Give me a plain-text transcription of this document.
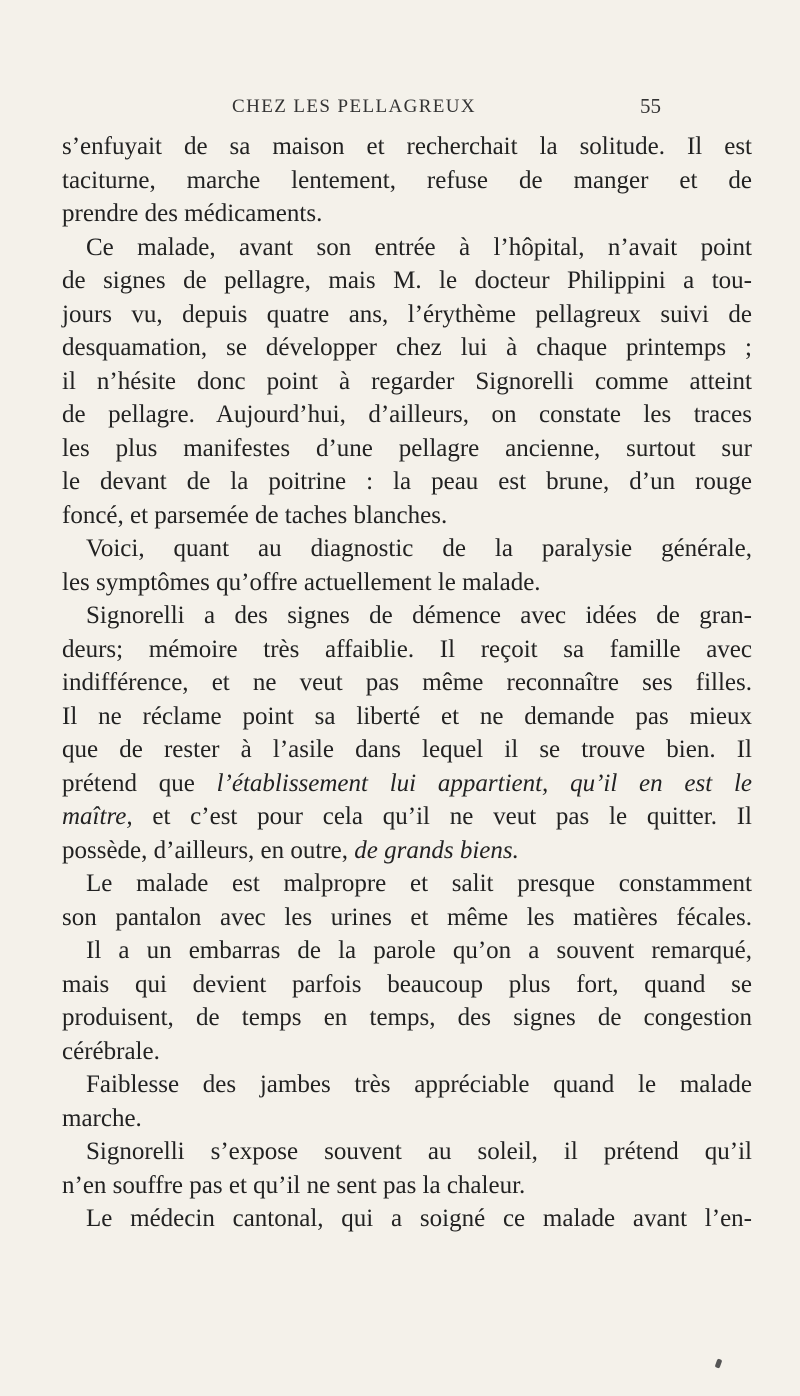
CHEZ LES PELLAGREUX	55
s’enfuyait de sa maison et recherchait la solitude. Il est
taciturne, marche lentement, refuse de manger et de
prendre des médicaments.
Ce malade, avant son entrée à l’hôpital, n’avait point
de signes de pellagre, mais M. le docteur Philippini a tou-
jours vu, depuis quatre ans, l’érythème pellagreux suivi de
desquamation, se développer chez lui à chaque printemps ;
il n’hésite donc point à regarder Signorelli comme atteint
de pellagre. Aujourd’hui, d’ailleurs, on constate les traces
les plus manifestes d’une pellagre ancienne, surtout sur
le devant de la poitrine : la peau est brune, d’un rouge
foncé, et parsemée de taches blanches.
Voici, quant au diagnostic de la paralysie générale,
les symptômes qu’offre actuellement le malade.
Signorelli a des signes de démence avec idées de gran-
deurs; mémoire très affaiblie. Il reçoit sa famille avec
indifférence, et ne veut pas même reconnaître ses filles.
Il ne réclame point sa liberté et ne demande pas mieux
que de rester à l’asile dans lequel il se trouve bien. Il
prétend que l’établissement lui appartient, qu’il en est le
maître, et c’est pour cela qu’il ne veut pas le quitter. Il
possède, d’ailleurs, en outre, de grands biens.
Le malade est malpropre et salit presque constamment
son pantalon avec les urines et même les matières fécales.
Il a un embarras de la parole qu’on a souvent remarqué,
mais qui devient parfois beaucoup plus fort, quand se
produisent, de temps en temps, des signes de congestion
cérébrale.
Faiblesse des jambes très appréciable quand le malade
marche.
Signorelli s’expose souvent au soleil, il prétend qu’il
n’en souffre pas et qu’il ne sent pas la chaleur.
Le médecin cantonal, qui a soigné ce malade avant l’en-
